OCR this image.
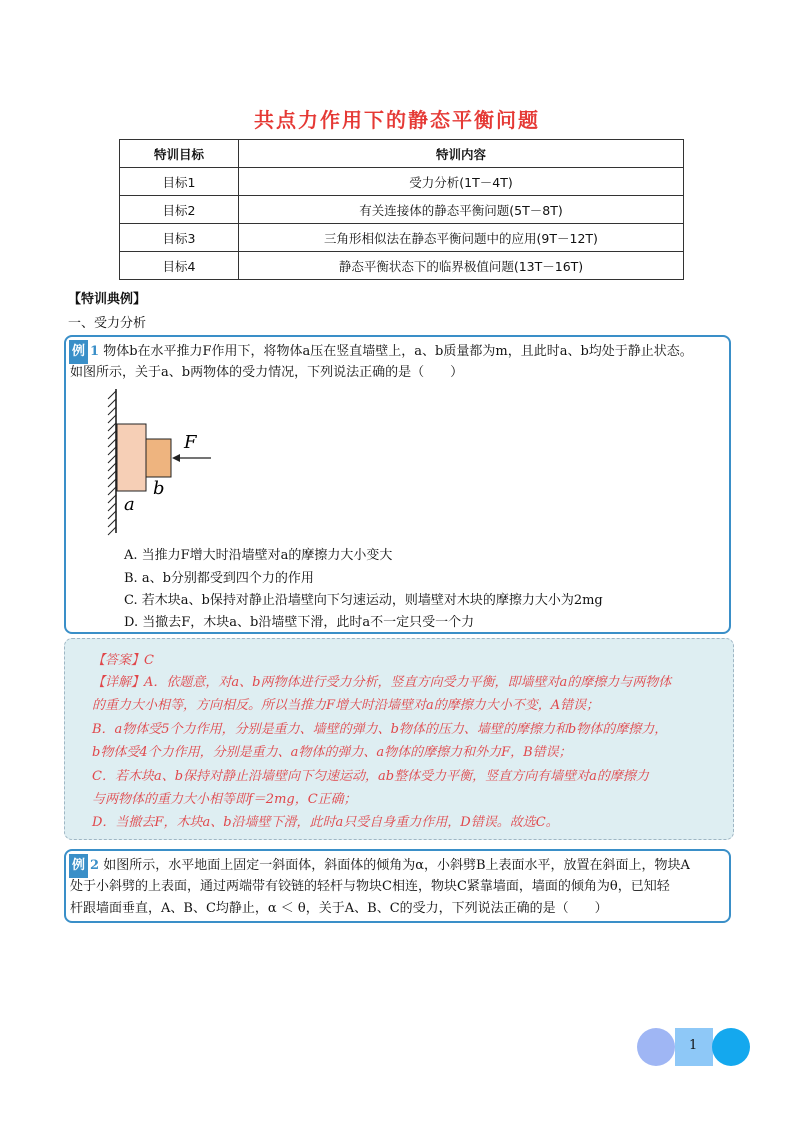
共点力作用下的静态平衡问题
特训目标	特训内容
目标1	受力分析(1T－4T)
目标2	有关连接体的静态平衡问题(5T－8T)
目标3	三角形相似法在静态平衡问题中的应用(9T－12T)
目标4	静态平衡状态下的临界极值问题(13T－16T)
【特训典例】
一、受力分析
例 1 物体b在水平推力F作用下，将物体a压在竖直墙壁上，a、b质量都为m，且此时a、b均处于静止状态。
如图所示，关于a、b两物体的受力情况，下列说法正确的是（　　）
F
b
a
A. 当推力F增大时沿墙壁对a的摩擦力大小变大
B. a、b分别都受到四个力的作用
C. 若木块a、b保持对静止沿墙壁向下匀速运动，则墙壁对木块的摩擦力大小为2mg
D. 当撤去F，木块a、b沿墙壁下滑，此时a不一定只受一个力
【答案】C
【详解】A．依题意，对a、b两物体进行受力分析，竖直方向受力平衡，即墙壁对a的摩擦力与两物体
的重力大小相等，方向相反。所以当推力F增大时沿墙壁对a的摩擦力大小不变，A错误；
B．a物体受5个力作用，分别是重力、墙壁的弹力、b物体的压力、墙壁的摩擦力和b物体的摩擦力，
b物体受4个力作用，分别是重力、a物体的弹力、a物体的摩擦力和外力F，B错误；
C．若木块a、b保持对静止沿墙壁向下匀速运动，ab整体受力平衡，竖直方向有墙壁对a的摩擦力
与两物体的重力大小相等即f＝2mg，C正确；
D．当撤去F，木块a、b沿墙壁下滑，此时a只受自身重力作用，D错误。故选C。
例 2 如图所示，水平地面上固定一斜面体，斜面体的倾角为α，小斜劈B上表面水平，放置在斜面上，物块A
处于小斜劈的上表面，通过两端带有铰链的轻杆与物块C相连，物块C紧靠墙面，墙面的倾角为θ，已知轻
杆跟墙面垂直，A、B、C均静止，α ＜ θ，关于A、B、C的受力，下列说法正确的是（　　）
1
